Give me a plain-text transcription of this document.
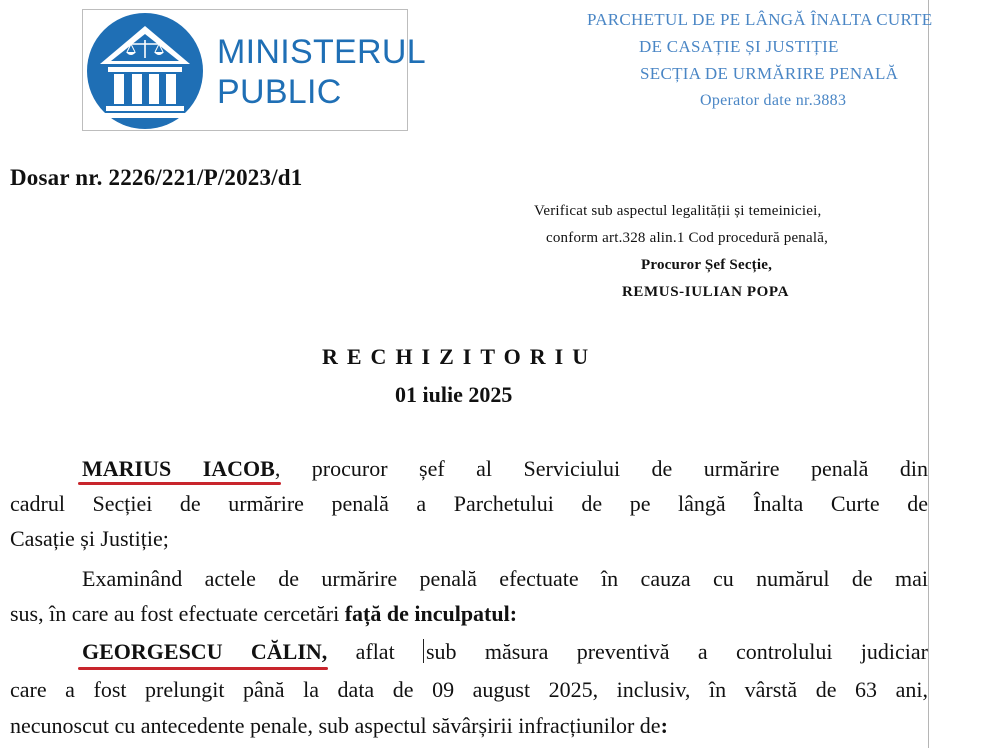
MINISTERUL
PUBLIC
PARCHETUL DE PE LÂNGĂ ÎNALTA CURTE
DE CASAȚIE ȘI JUSTIȚIE
SECȚIA DE URMĂRIRE PENALĂ
Operator date nr.3883
Dosar nr. 2226/221/P/2023/d1
Verificat sub aspectul legalității și temeiniciei,
conform art.328 alin.1 Cod procedură penală,
Procuror Șef Secție,
REMUS-IULIAN POPA
RECHIZITORIU
01 iulie 2025
MARIUS IACOB
, procuror șef al Serviciului de urmărire penală din
cadrul Secției de urmărire penală a Parchetului de pe lângă Înalta Curte de
Casație și Justiție;
Examinând actele de urmărire penală efectuate în cauza cu numărul de mai
sus, în care au fost efectuate cercetări față de inculpatul:
GEORGESCU CĂLIN
, aflat sub măsura preventivă a controlului judiciar
care a fost prelungit până la data de 09 august 2025, inclusiv, în vârstă de 63 ani,
necunoscut cu antecedente penale, sub aspectul săvârșirii infracțiunilor de:
